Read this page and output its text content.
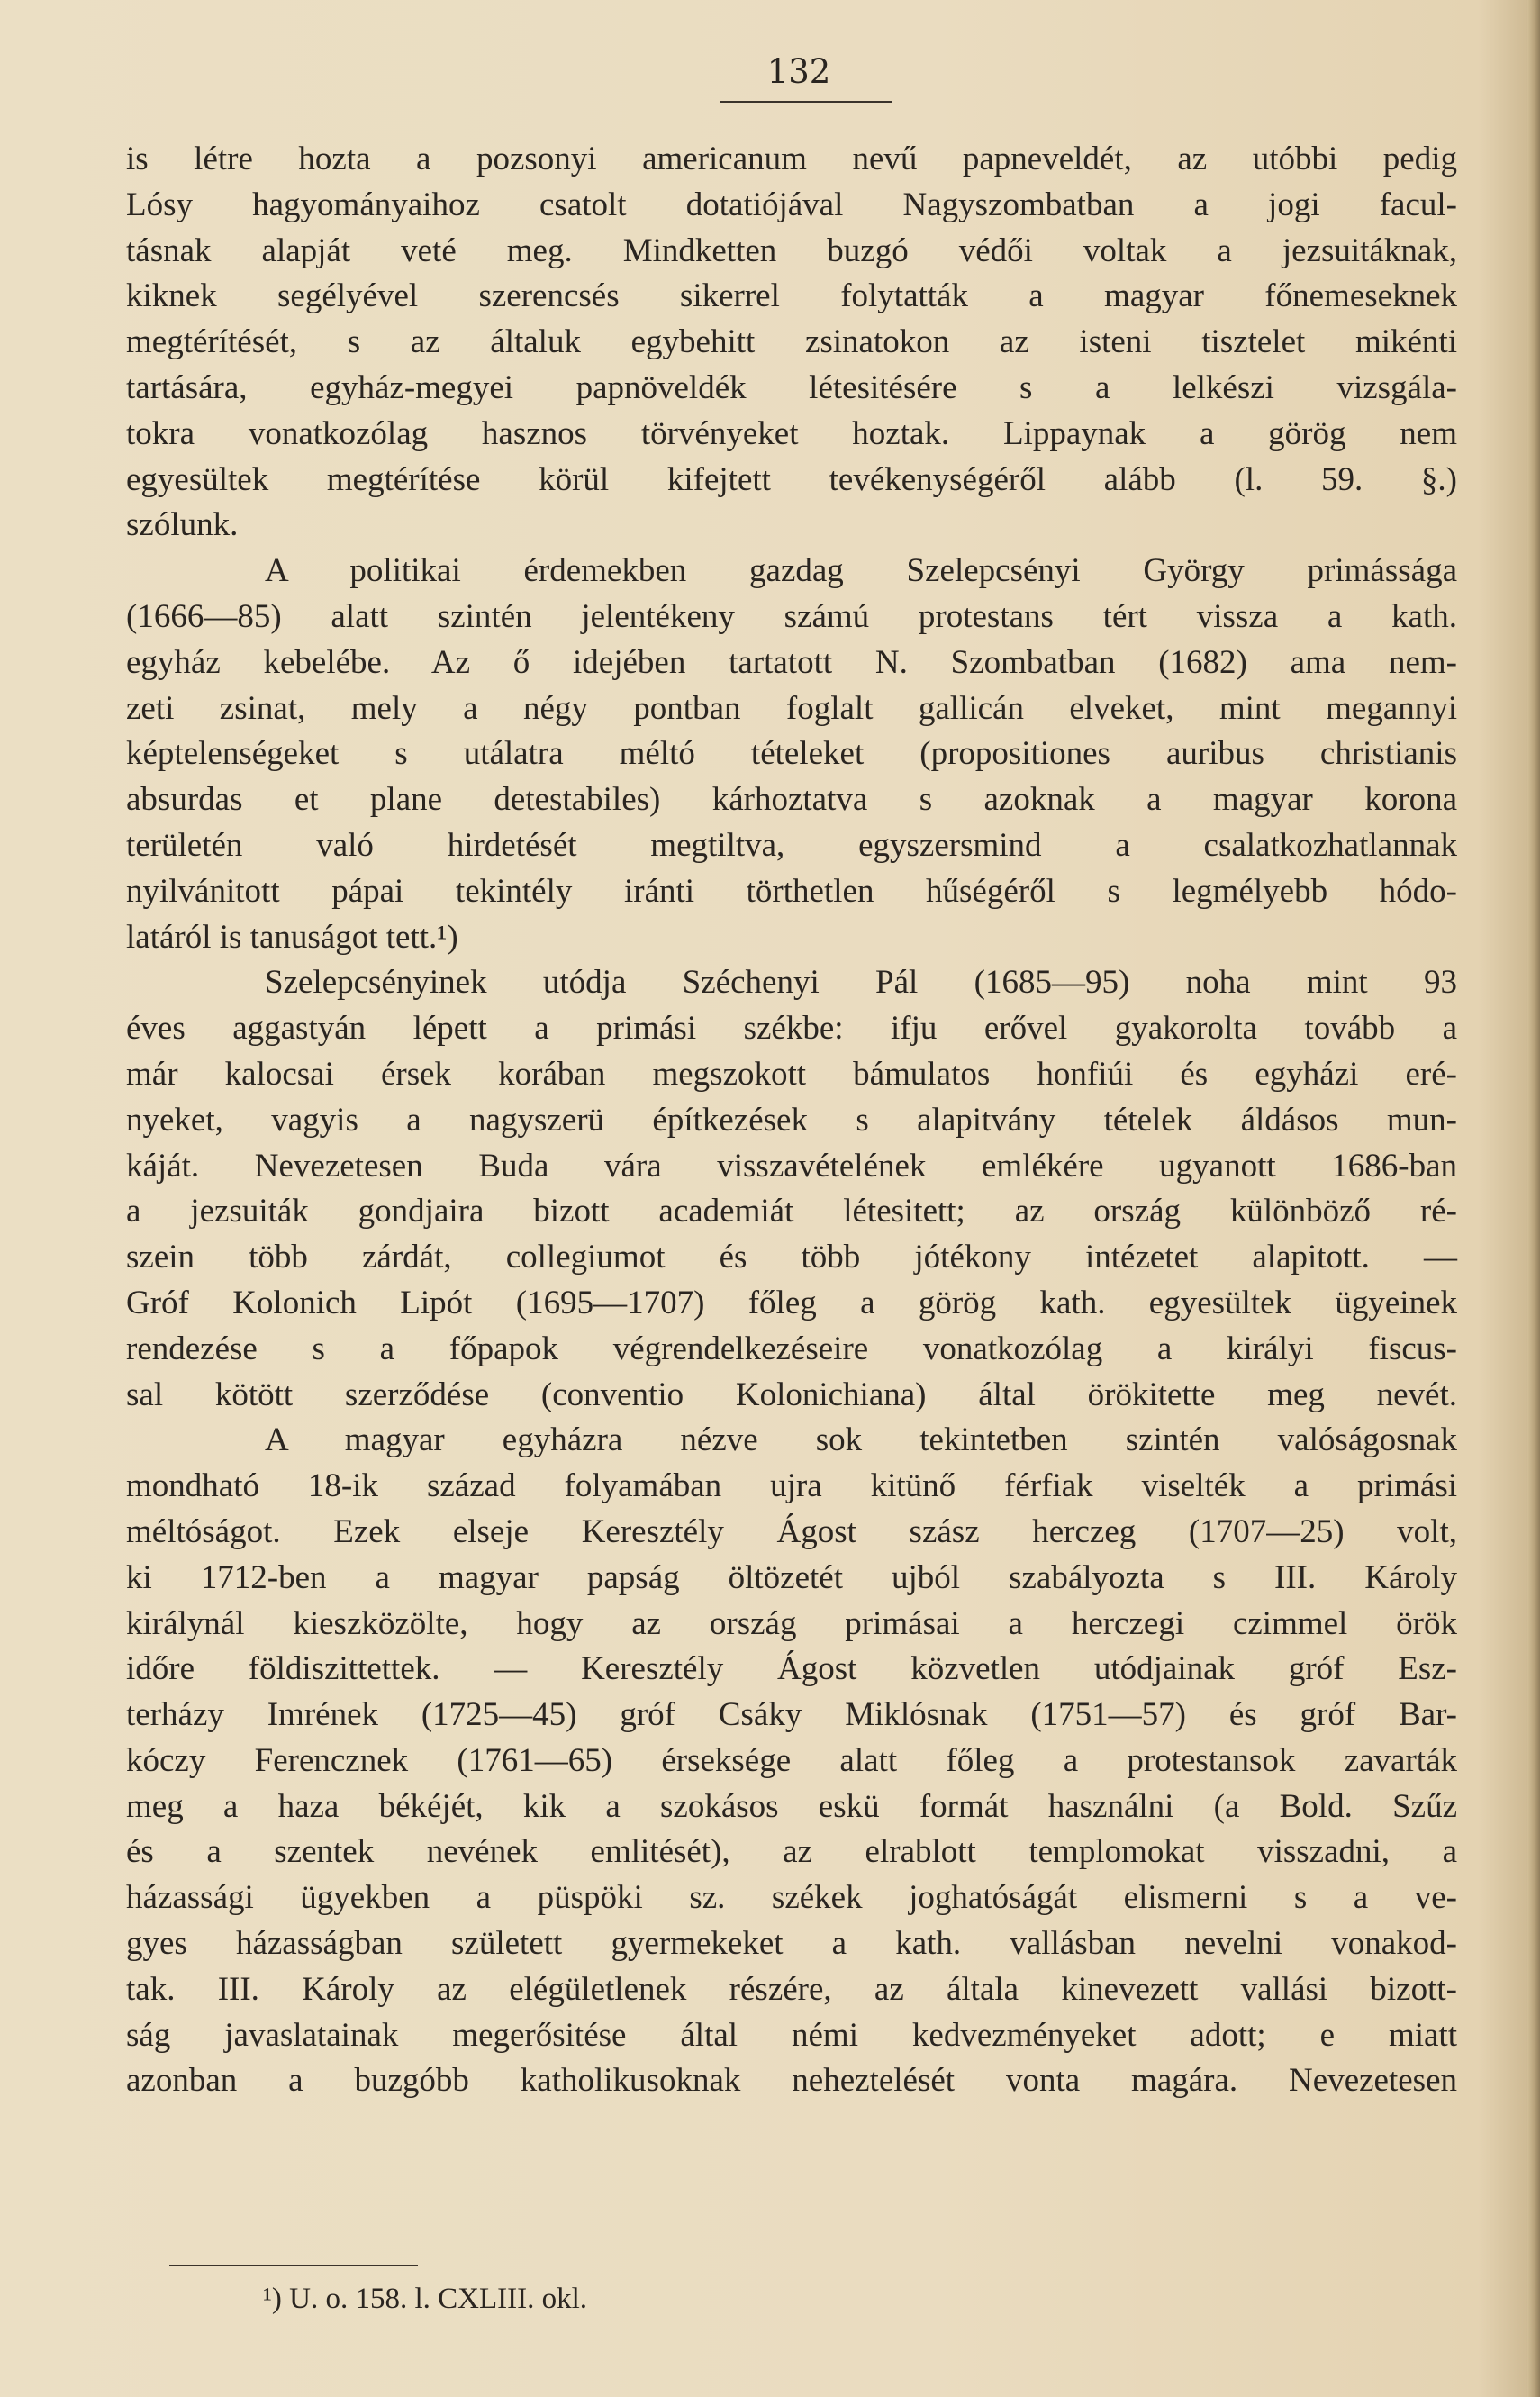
132
is létre hozta a pozsonyi americanum nevű papneveldét, az utóbbi pedig
Lósy hagyományaihoz csatolt dotatiójával Nagyszombatban a jogi facul-
tásnak alapját veté meg. Mindketten buzgó védői voltak a jezsuitáknak,
kiknek segélyével szerencsés sikerrel folytatták a magyar főnemeseknek
megtérítését, s az általuk egybehitt zsinatokon az isteni tisztelet mikénti
tartására, egyház-megyei papnöveldék létesitésére s a lelkészi vizsgála-
tokra vonatkozólag hasznos törvényeket hoztak. Lippaynak a görög nem
egyesültek megtérítése körül kifejtett tevékenységéről alább (l. 59. §.)
szólunk.
A politikai érdemekben gazdag Szelepcsényi György primássága
(1666—85) alatt szintén jelentékeny számú protestans tért vissza a kath.
egyház kebelébe. Az ő idejében tartatott N. Szombatban (1682) ama nem-
zeti zsinat, mely a négy pontban foglalt gallicán elveket, mint megannyi
képtelenségeket s utálatra méltó tételeket (propositiones auribus christianis
absurdas et plane detestabiles) kárhoztatva s azoknak a magyar korona
területén való hirdetését megtiltva, egyszersmind a csalatkozhatlannak
nyilvánitott pápai tekintély iránti törthetlen hűségéről s legmélyebb hódo-
latáról is tanuságot tett.¹)
Szelepcsényinek utódja Széchenyi Pál (1685—95) noha mint 93
éves aggastyán lépett a primási székbe: ifju erővel gyakorolta tovább a
már kalocsai érsek korában megszokott bámulatos honfiúi és egyházi eré-
nyeket, vagyis a nagyszerü építkezések s alapitvány tételek áldásos mun-
káját. Nevezetesen Buda vára visszavételének emlékére ugyanott 1686-ban
a jezsuiták gondjaira bizott academiát létesitett; az ország különböző ré-
szein több zárdát, collegiumot és több jótékony intézetet alapitott. —
Gróf Kolonich Lipót (1695—1707) főleg a görög kath. egyesültek ügyeinek
rendezése s a főpapok végrendelkezéseire vonatkozólag a királyi fiscus-
sal kötött szerződése (conventio Kolonichiana) által örökitette meg nevét.
A magyar egyházra nézve sok tekintetben szintén valóságosnak
mondható 18-ik század folyamában ujra kitünő férfiak viselték a primási
méltóságot. Ezek elseje Keresztély Ágost szász herczeg (1707—25) volt,
ki 1712-ben a magyar papság öltözetét ujból szabályozta s III. Károly
királynál kieszközölte, hogy az ország primásai a herczegi czimmel örök
időre földiszittettek. — Keresztély Ágost közvetlen utódjainak gróf Esz-
terházy Imrének (1725—45) gróf Csáky Miklósnak (1751—57) és gróf Bar-
kóczy Ferencznek (1761—65) érseksége alatt főleg a protestansok zavarták
meg a haza békéjét, kik a szokásos eskü formát használni (a Bold. Szűz
és a szentek nevének emlitését), az elrablott templomokat visszadni, a
házassági ügyekben a püspöki sz. székek joghatóságát elismerni s a ve-
gyes házasságban született gyermekeket a kath. vallásban nevelni vonakod-
tak. III. Károly az elégületlenek részére, az általa kinevezett vallási bizott-
ság javaslatainak megerősitése által némi kedvezményeket adott; e miatt
azonban a buzgóbb katholikusoknak neheztelését vonta magára. Nevezetesen
¹) U. o. 158. l. CXLIII. okl.
